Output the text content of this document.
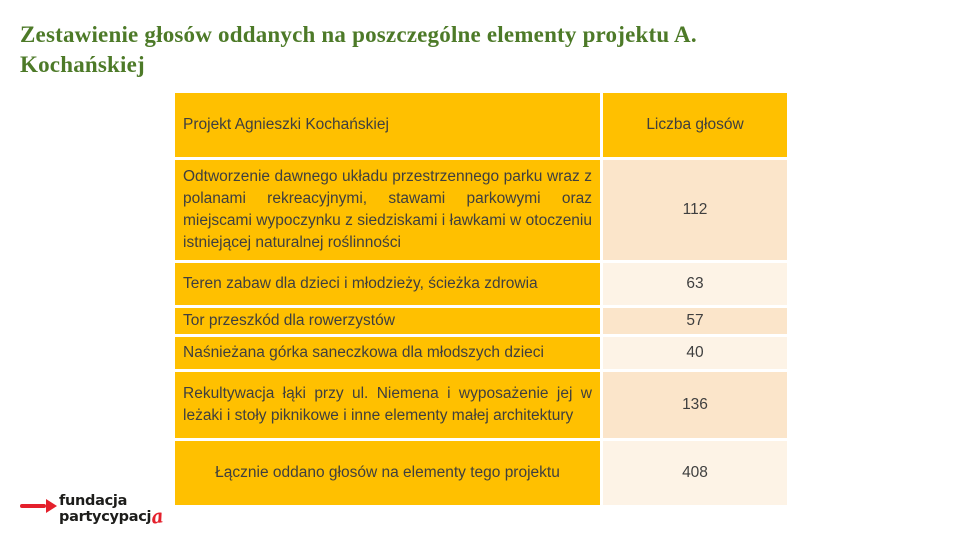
Zestawienie głosów oddanych na poszczególne elementy projektu A.
Kochańskiej
Projekt Agnieszki Kochańskiej	Liczba głosów
Odtworzenie dawnego układu przestrzennego parku wraz z polanami rekreacyjnymi, stawami parkowymi oraz miejscami wypoczynku z siedziskami i ławkami w otoczeniu istniejącej naturalnej roślinności	112
Teren zabaw dla dzieci i młodzieży, ścieżka zdrowia	63
Tor przeszkód dla rowerzystów	57
Naśnieżana górka saneczkowa dla młodszych dzieci	40
Rekultywacja łąki przy ul. Niemena i wyposażenie jej w leżaki i stoły piknikowe i inne elementy małej architektury	136
Łącznie oddano głosów na elementy tego projektu	408
fundacja
partycypacja
